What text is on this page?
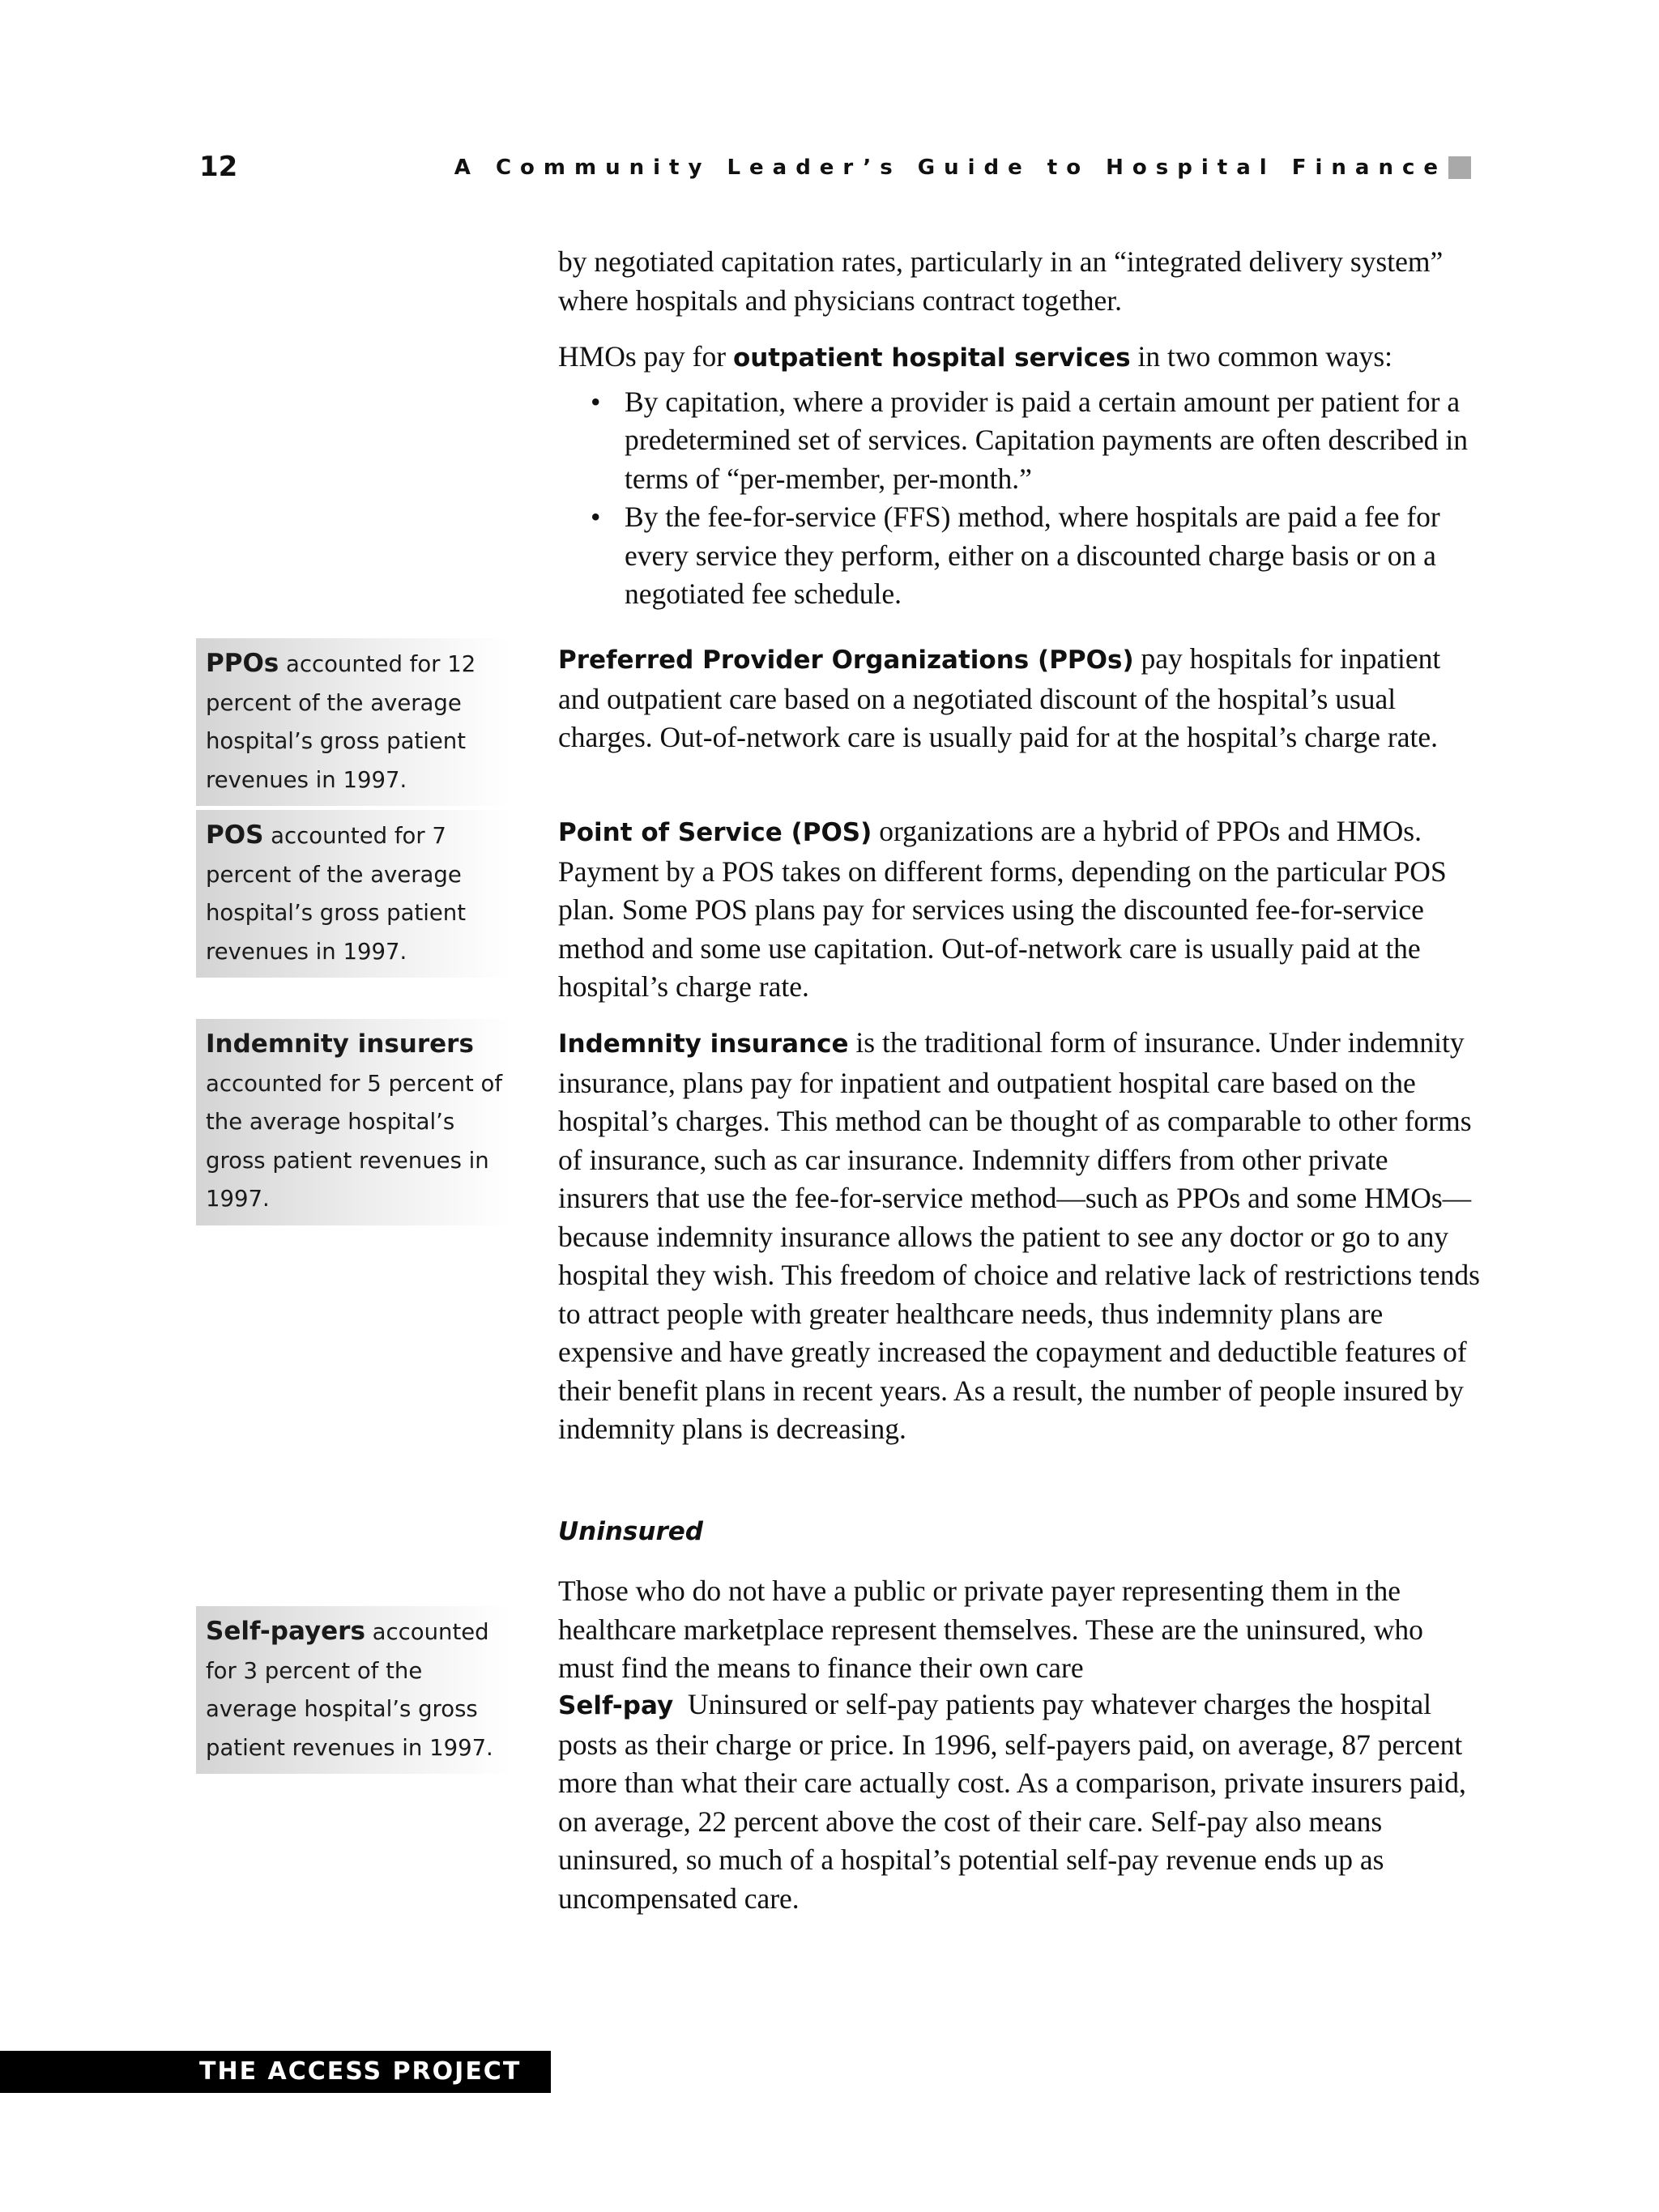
12	A Community Leader’s Guide to Hospital Finance

by negotiated capitation rates, particularly in an “integrated delivery system” where hospitals and physicians contract together.

HMOs pay for outpatient hospital services in two common ways:

• By capitation, where a provider is paid a certain amount per patient for a predetermined set of services. Capitation payments are often described in terms of “per-member, per-month.”
• By the fee-for-service (FFS) method, where hospitals are paid a fee for every service they perform, either on a discounted charge basis or on a negotiated fee schedule.

Preferred Provider Organizations (PPOs) pay hospitals for inpatient and outpatient care based on a negotiated discount of the hospital’s usual charges. Out-of-network care is usually paid for at the hospital’s charge rate.

Point of Service (POS) organizations are a hybrid of PPOs and HMOs. Payment by a POS takes on different forms, depending on the particular POS plan. Some POS plans pay for services using the discounted fee-for-service method and some use capitation. Out-of-network care is usually paid at the hospital’s charge rate.

Indemnity insurance is the traditional form of insurance. Under indemnity insurance, plans pay for inpatient and outpatient hospital care based on the hospital’s charges. This method can be thought of as comparable to other forms of insurance, such as car insurance. Indemnity differs from other private insurers that use the fee-for-service method—such as PPOs and some HMOs—because indemnity insurance allows the patient to see any doctor or go to any hospital they wish. This freedom of choice and relative lack of restrictions tends to attract people with greater healthcare needs, thus indemnity plans are expensive and have greatly increased the copayment and deductible features of their benefit plans in recent years. As a result, the number of people insured by indemnity plans is decreasing.

Uninsured

Those who do not have a public or private payer representing them in the healthcare marketplace represent themselves. These are the uninsured, who must find the means to finance their own care

Self-pay  Uninsured or self-pay patients pay whatever charges the hospital posts as their charge or price. In 1996, self-payers paid, on average, 87 percent more than what their care actually cost. As a comparison, private insurers paid, on average, 22 percent above the cost of their care. Self-pay also means uninsured, so much of a hospital’s potential self-pay revenue ends up as uncompensated care.

PPOs accounted for 12 percent of the average hospital’s gross patient revenues in 1997.
POS accounted for 7 percent of the average hospital’s gross patient revenues in 1997.
Indemnity insurers accounted for 5 percent of the average hospital’s gross patient revenues in 1997.
Self-payers accounted for 3 percent of the average hospital’s gross patient revenues in 1997.
THE ACCESS PROJECT
